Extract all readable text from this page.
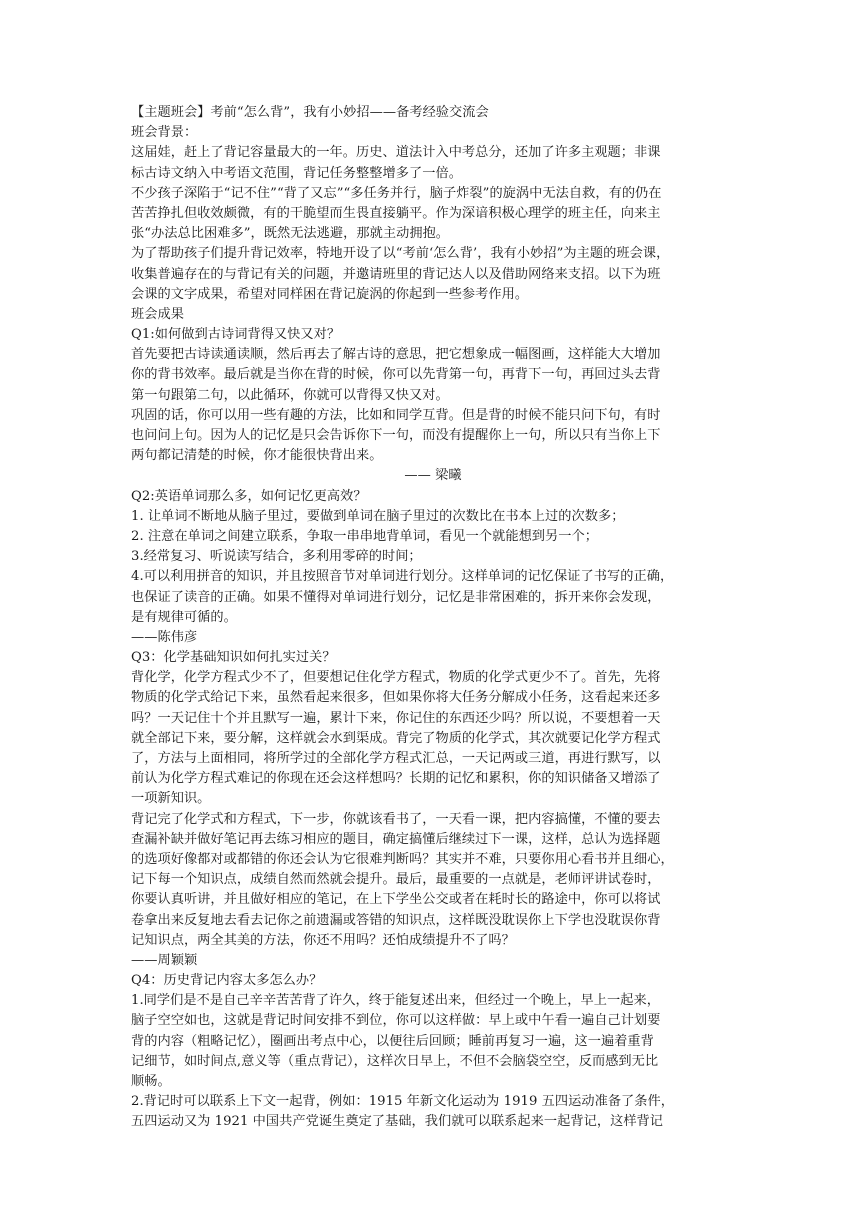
【主题班会】考前“怎么背”，我有小妙招——备考经验交流会
班会背景：
这届娃，赶上了背记容量最大的一年。历史、道法计入中考总分，还加了许多主观题；非课
标古诗文纳入中考语文范围，背记任务整整增多了一倍。
不少孩子深陷于“记不住”“背了又忘”“多任务并行，脑子炸裂”的旋涡中无法自救，有的仍在
苦苦挣扎但收效颇微，有的干脆望而生畏直接躺平。作为深谙积极心理学的班主任，向来主
张“办法总比困难多”，既然无法逃避，那就主动拥抱。
为了帮助孩子们提升背记效率，特地开设了以“考前‘怎么背’，我有小妙招”为主题的班会课，
收集普遍存在的与背记有关的问题，并邀请班里的背记达人以及借助网络来支招。以下为班
会课的文字成果，希望对同样困在背记旋涡的你起到一些参考作用。
班会成果
Q1:如何做到古诗词背得又快又对？
首先要把古诗读通读顺，然后再去了解古诗的意思，把它想象成一幅图画，这样能大大增加
你的背书效率。最后就是当你在背的时候，你可以先背第一句，再背下一句，再回过头去背
第一句跟第二句，以此循环，你就可以背得又快又对。
巩固的话，你可以用一些有趣的方法，比如和同学互背。但是背的时候不能只问下句，有时
也问问上句。因为人的记忆是只会告诉你下一句，而没有提醒你上一句，所以只有当你上下
两句都记清楚的时候，你才能很快背出来。
—— 梁曦
Q2:英语单词那么多，如何记忆更高效？
1. 让单词不断地从脑子里过，要做到单词在脑子里过的次数比在书本上过的次数多；
2. 注意在单词之间建立联系，争取一串串地背单词，看见一个就能想到另一个；
3.经常复习、听说读写结合，多利用零碎的时间；
4.可以利用拼音的知识，并且按照音节对单词进行划分。这样单词的记忆保证了书写的正确，
也保证了读音的正确。如果不懂得对单词进行划分，记忆是非常困难的，拆开来你会发现，
是有规律可循的。
——陈伟彦
Q3：化学基础知识如何扎实过关？
背化学，化学方程式少不了，但要想记住化学方程式，物质的化学式更少不了。首先，先将
物质的化学式给记下来，虽然看起来很多，但如果你将大任务分解成小任务，这看起来还多
吗？一天记住十个并且默写一遍，累计下来，你记住的东西还少吗？所以说，不要想着一天
就全部记下来，要分解，这样就会水到渠成。背完了物质的化学式，其次就要记化学方程式
了，方法与上面相同，将所学过的全部化学方程式汇总，一天记两或三道，再进行默写，以
前认为化学方程式难记的你现在还会这样想吗？长期的记忆和累积，你的知识储备又增添了
一项新知识。
背记完了化学式和方程式，下一步，你就该看书了，一天看一课，把内容搞懂，不懂的要去
查漏补缺并做好笔记再去练习相应的题目，确定搞懂后继续过下一课，这样，总认为选择题
的选项好像都对或都错的你还会认为它很难判断吗？其实并不难，只要你用心看书并且细心，
记下每一个知识点，成绩自然而然就会提升。最后，最重要的一点就是，老师评讲试卷时，
你要认真听讲，并且做好相应的笔记，在上下学坐公交或者在耗时长的路途中，你可以将试
卷拿出来反复地去看去记你之前遗漏或答错的知识点，这样既没耽误你上下学也没耽误你背
记知识点，两全其美的方法，你还不用吗？还怕成绩提升不了吗？
——周颖颖
Q4：历史背记内容太多怎么办？
1.同学们是不是自己辛辛苦苦背了许久，终于能复述出来，但经过一个晚上，早上一起来，
脑子空空如也，这就是背记时间安排不到位，你可以这样做：早上或中午看一遍自己计划要
背的内容（粗略记忆），圈画出考点中心，以便往后回顾；睡前再复习一遍，这一遍着重背
记细节，如时间点,意义等（重点背记），这样次日早上，不但不会脑袋空空，反而感到无比
顺畅。
2.背记时可以联系上下文一起背，例如：1915 年新文化运动为 1919 五四运动准备了条件，
五四运动又为 1921 中国共产党诞生奠定了基础，我们就可以联系起来一起背记，这样背记
